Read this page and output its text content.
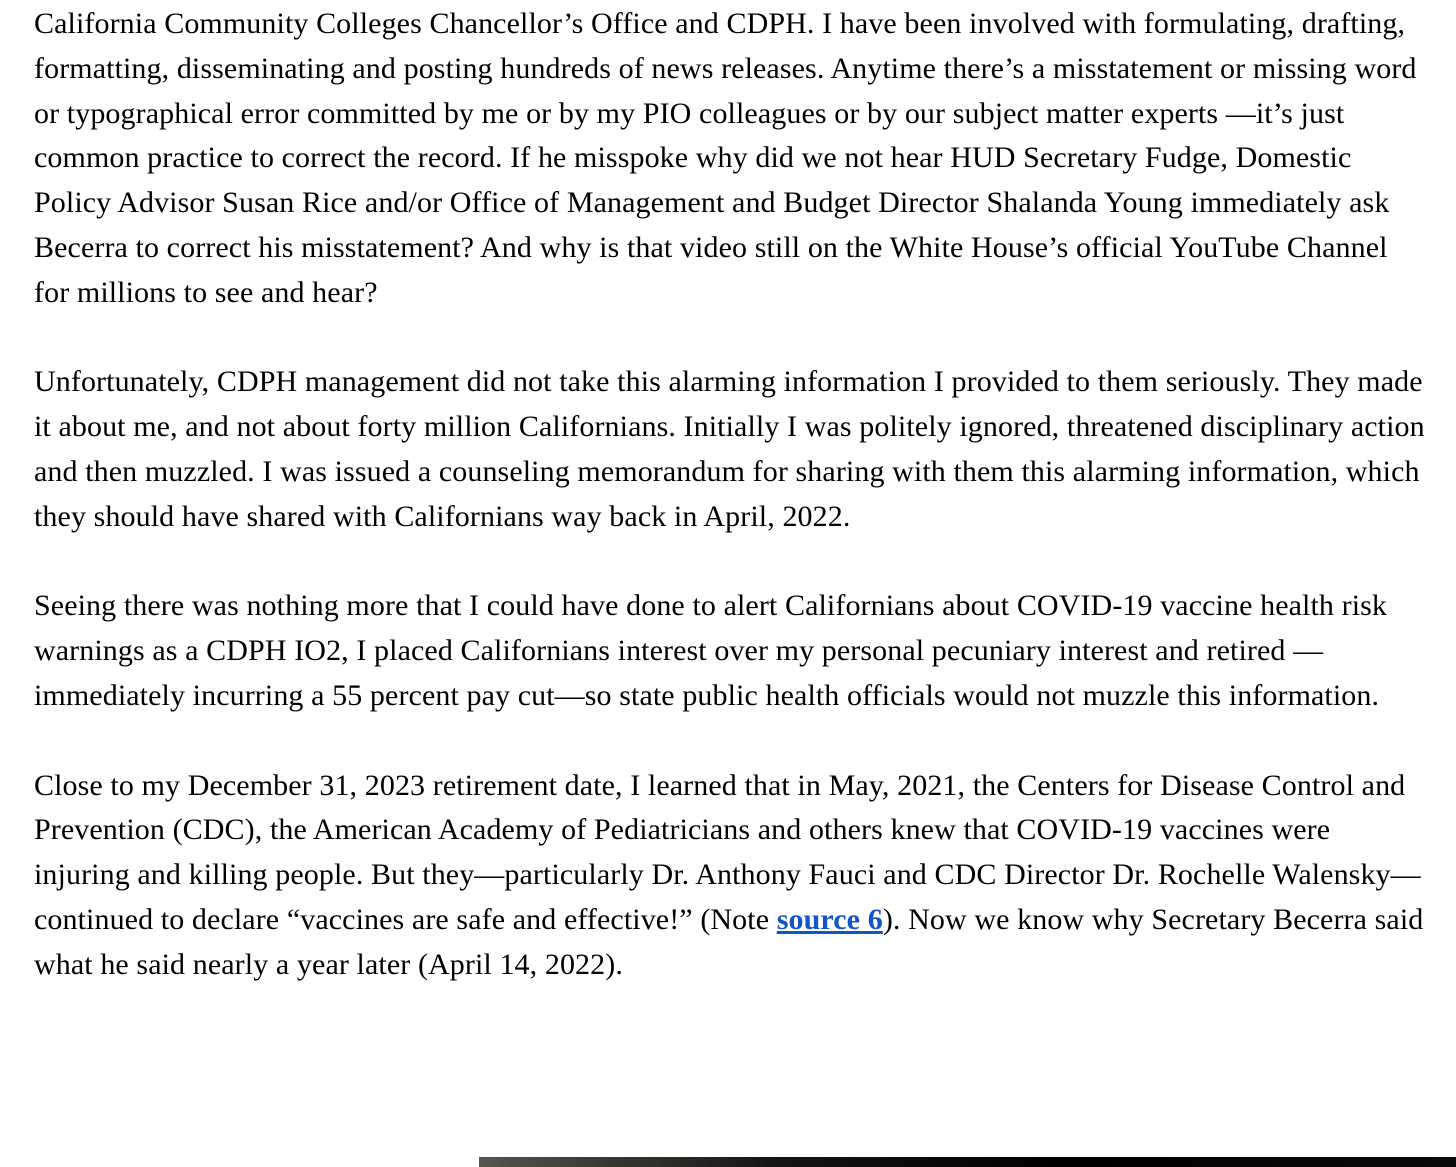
California Community Colleges Chancellor’s Office and CDPH. I have been involved with formulating, drafting, formatting, disseminating and posting hundreds of news releases. Anytime there’s a misstatement or missing word or typographical error committed by me or by my PIO colleagues or by our subject matter experts —it’s just common practice to correct the record. If he misspoke why did we not hear HUD Secretary Fudge, Domestic Policy Advisor Susan Rice and/or Office of Management and Budget Director Shalanda Young immediately ask Becerra to correct his misstatement? And why is that video still on the White House’s official YouTube Channel for millions to see and hear?

Unfortunately, CDPH management did not take this alarming information I provided to them seriously. They made it about me, and not about forty million Californians. Initially I was politely ignored, threatened disciplinary action and then muzzled. I was issued a counseling memorandum for sharing with them this alarming information, which they should have shared with Californians way back in April, 2022.

Seeing there was nothing more that I could have done to alert Californians about COVID-19 vaccine health risk warnings as a CDPH IO2, I placed Californians interest over my personal pecuniary interest and retired — immediately incurring a 55 percent pay cut—so state public health officials would not muzzle this information.

Close to my December 31, 2023 retirement date, I learned that in May, 2021, the Centers for Disease Control and Prevention (CDC), the American Academy of Pediatricians and others knew that COVID-19 vaccines were injuring and killing people. But they—particularly Dr. Anthony Fauci and CDC Director Dr. Rochelle Walensky—continued to declare “vaccines are safe and effective!” (Note source 6). Now we know why Secretary Becerra said what he said nearly a year later (April 14, 2022).
